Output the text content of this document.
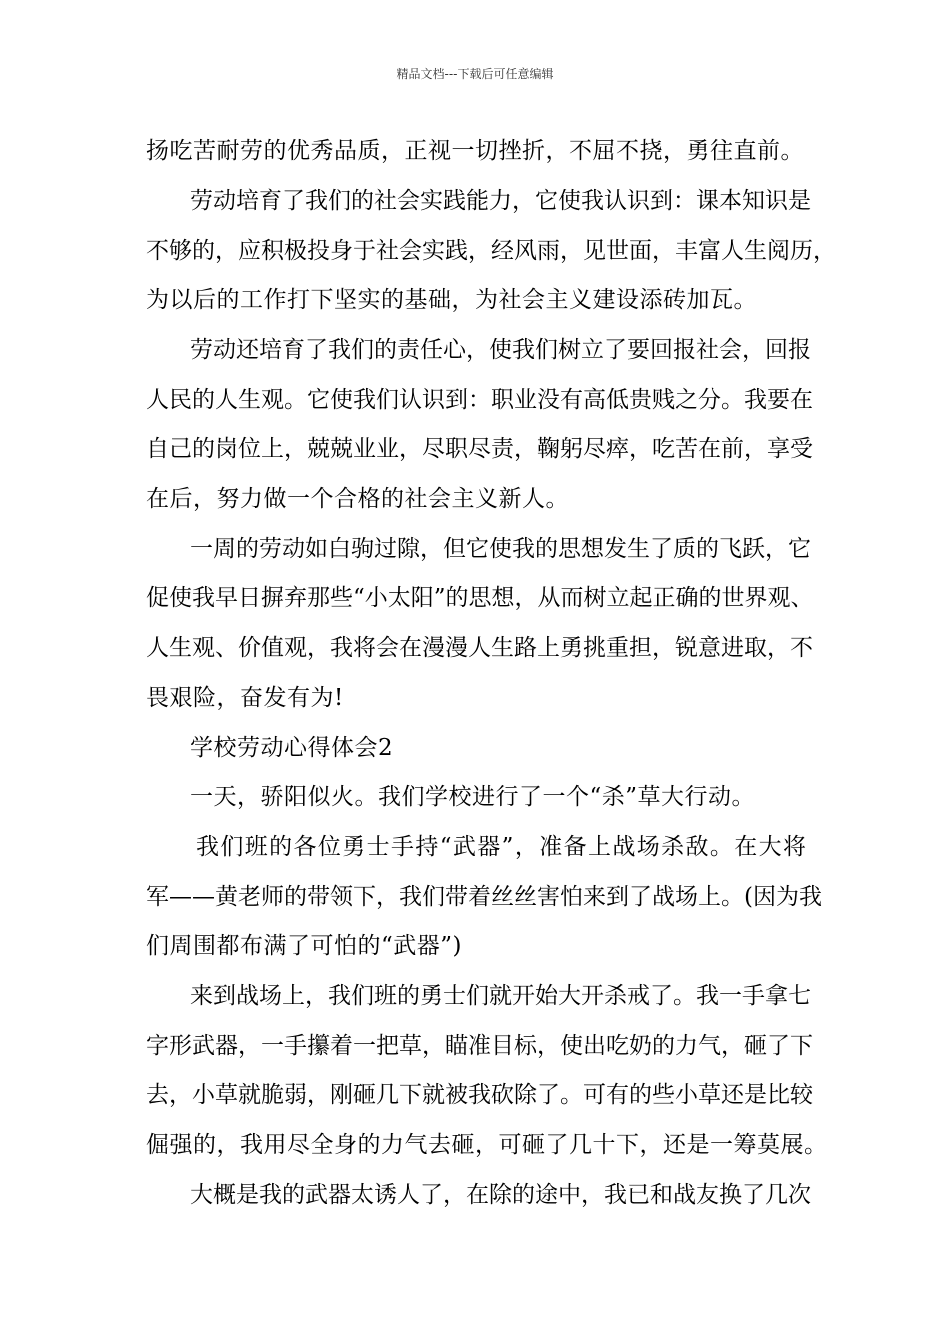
精品文档---下载后可任意编辑
扬吃苦耐劳的优秀品质，正视一切挫折，不屈不挠，勇往直前。
劳动培育了我们的社会实践能力，它使我认识到：课本知识是
不够的，应积极投身于社会实践，经风雨，见世面，丰富人生阅历，
为以后的工作打下坚实的基础，为社会主义建设添砖加瓦。
劳动还培育了我们的责任心，使我们树立了要回报社会，回报
人民的人生观。它使我们认识到：职业没有高低贵贱之分。我要在
自己的岗位上，兢兢业业，尽职尽责，鞠躬尽瘁，吃苦在前，享受
在后，努力做一个合格的社会主义新人。
一周的劳动如白驹过隙，但它使我的思想发生了质的飞跃，它
促使我早日摒弃那些“小太阳”的思想，从而树立起正确的世界观、
人生观、价值观，我将会在漫漫人生路上勇挑重担，锐意进取，不
畏艰险，奋发有为!
学校劳动心得体会2
一天，骄阳似火。我们学校进行了一个“杀”草大行动。
我们班的各位勇士手持“武器”，准备上战场杀敌。在大将
军——黄老师的带领下，我们带着丝丝害怕来到了战场上。(因为我
们周围都布满了可怕的“武器”)
来到战场上，我们班的勇士们就开始大开杀戒了。我一手拿七
字形武器，一手攥着一把草，瞄准目标，使出吃奶的力气，砸了下
去，小草就脆弱，刚砸几下就被我砍除了。可有的些小草还是比较
倔强的，我用尽全身的力气去砸，可砸了几十下，还是一筹莫展。
大概是我的武器太诱人了，在除的途中，我已和战友换了几次
